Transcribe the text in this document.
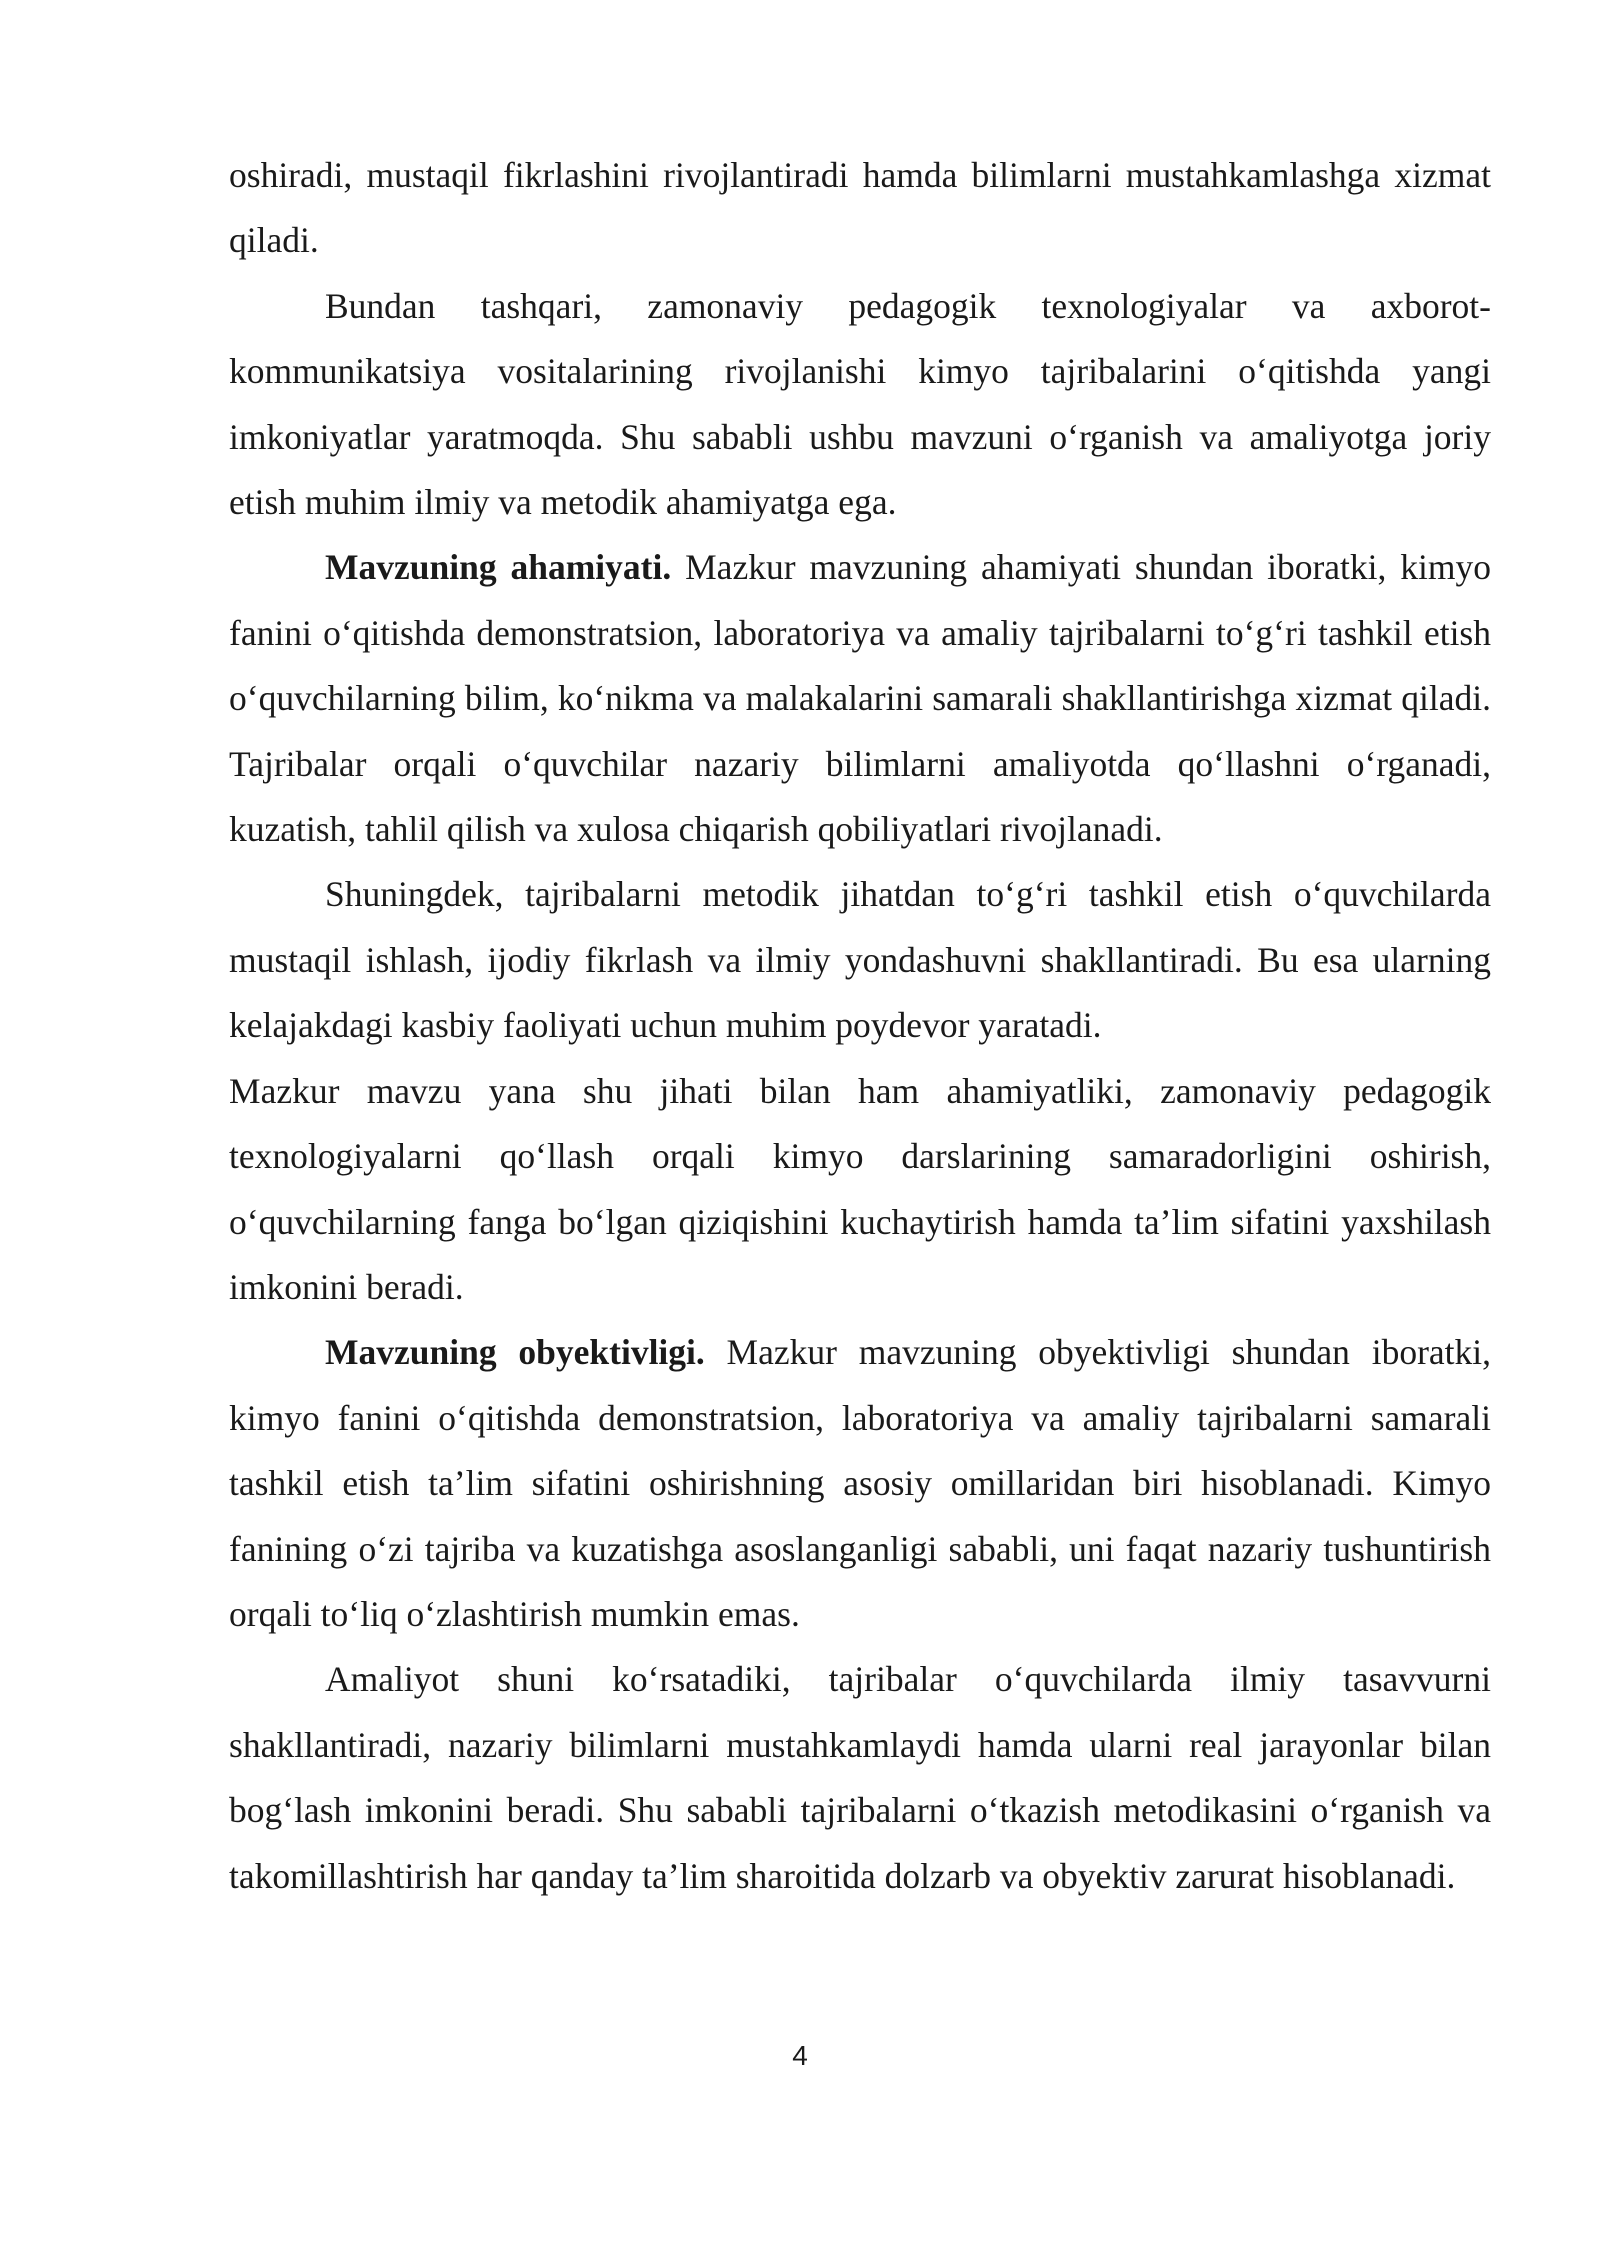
oshiradi, mustaqil fikrlashini rivojlantiradi hamda bilimlarni mustahkamlashga xizmat qiladi.

Bundan tashqari, zamonaviy pedagogik texnologiyalar va axborot-kommunikatsiya vositalarining rivojlanishi kimyo tajribalarini o‘qitishda yangi imkoniyatlar yaratmoqda. Shu sababli ushbu mavzuni o‘rganish va amaliyotga joriy etish muhim ilmiy va metodik ahamiyatga ega.

Mavzuning ahamiyati. Mazkur mavzuning ahamiyati shundan iboratki, kimyo fanini o‘qitishda demonstratsion, laboratoriya va amaliy tajribalarni to‘g‘ri tashkil etish o‘quvchilarning bilim, ko‘nikma va malakalarini samarali shakllantirishga xizmat qiladi. Tajribalar orqali o‘quvchilar nazariy bilimlarni amaliyotda qo‘llashni o‘rganadi, kuzatish, tahlil qilish va xulosa chiqarish qobiliyatlari rivojlanadi.

Shuningdek, tajribalarni metodik jihatdan to‘g‘ri tashkil etish o‘quvchilarda mustaqil ishlash, ijodiy fikrlash va ilmiy yondashuvni shakllantiradi. Bu esa ularning kelajakdagi kasbiy faoliyati uchun muhim poydevor yaratadi.

Mazkur mavzu yana shu jihati bilan ham ahamiyatliki, zamonaviy pedagogik texnologiyalarni qo‘llash orqali kimyo darslarining samaradorligini oshirish, o‘quvchilarning fanga bo‘lgan qiziqishini kuchaytirish hamda ta’lim sifatini yaxshilash imkonini beradi.

Mavzuning obyektivligi. Mazkur mavzuning obyektivligi shundan iboratki, kimyo fanini o‘qitishda demonstratsion, laboratoriya va amaliy tajribalarni samarali tashkil etish ta’lim sifatini oshirishning asosiy omillaridan biri hisoblanadi. Kimyo fanining o‘zi tajriba va kuzatishga asoslanganligi sababli, uni faqat nazariy tushuntirish orqali to‘liq o‘zlashtirish mumkin emas.

Amaliyot shuni ko‘rsatadiki, tajribalar o‘quvchilarda ilmiy tasavvurni shakllantiradi, nazariy bilimlarni mustahkamlaydi hamda ularni real jarayonlar bilan bog‘lash imkonini beradi. Shu sababli tajribalarni o‘tkazish metodikasini o‘rganish va takomillashtirish har qanday ta’lim sharoitida dolzarb va obyektiv zarurat hisoblanadi.

4
